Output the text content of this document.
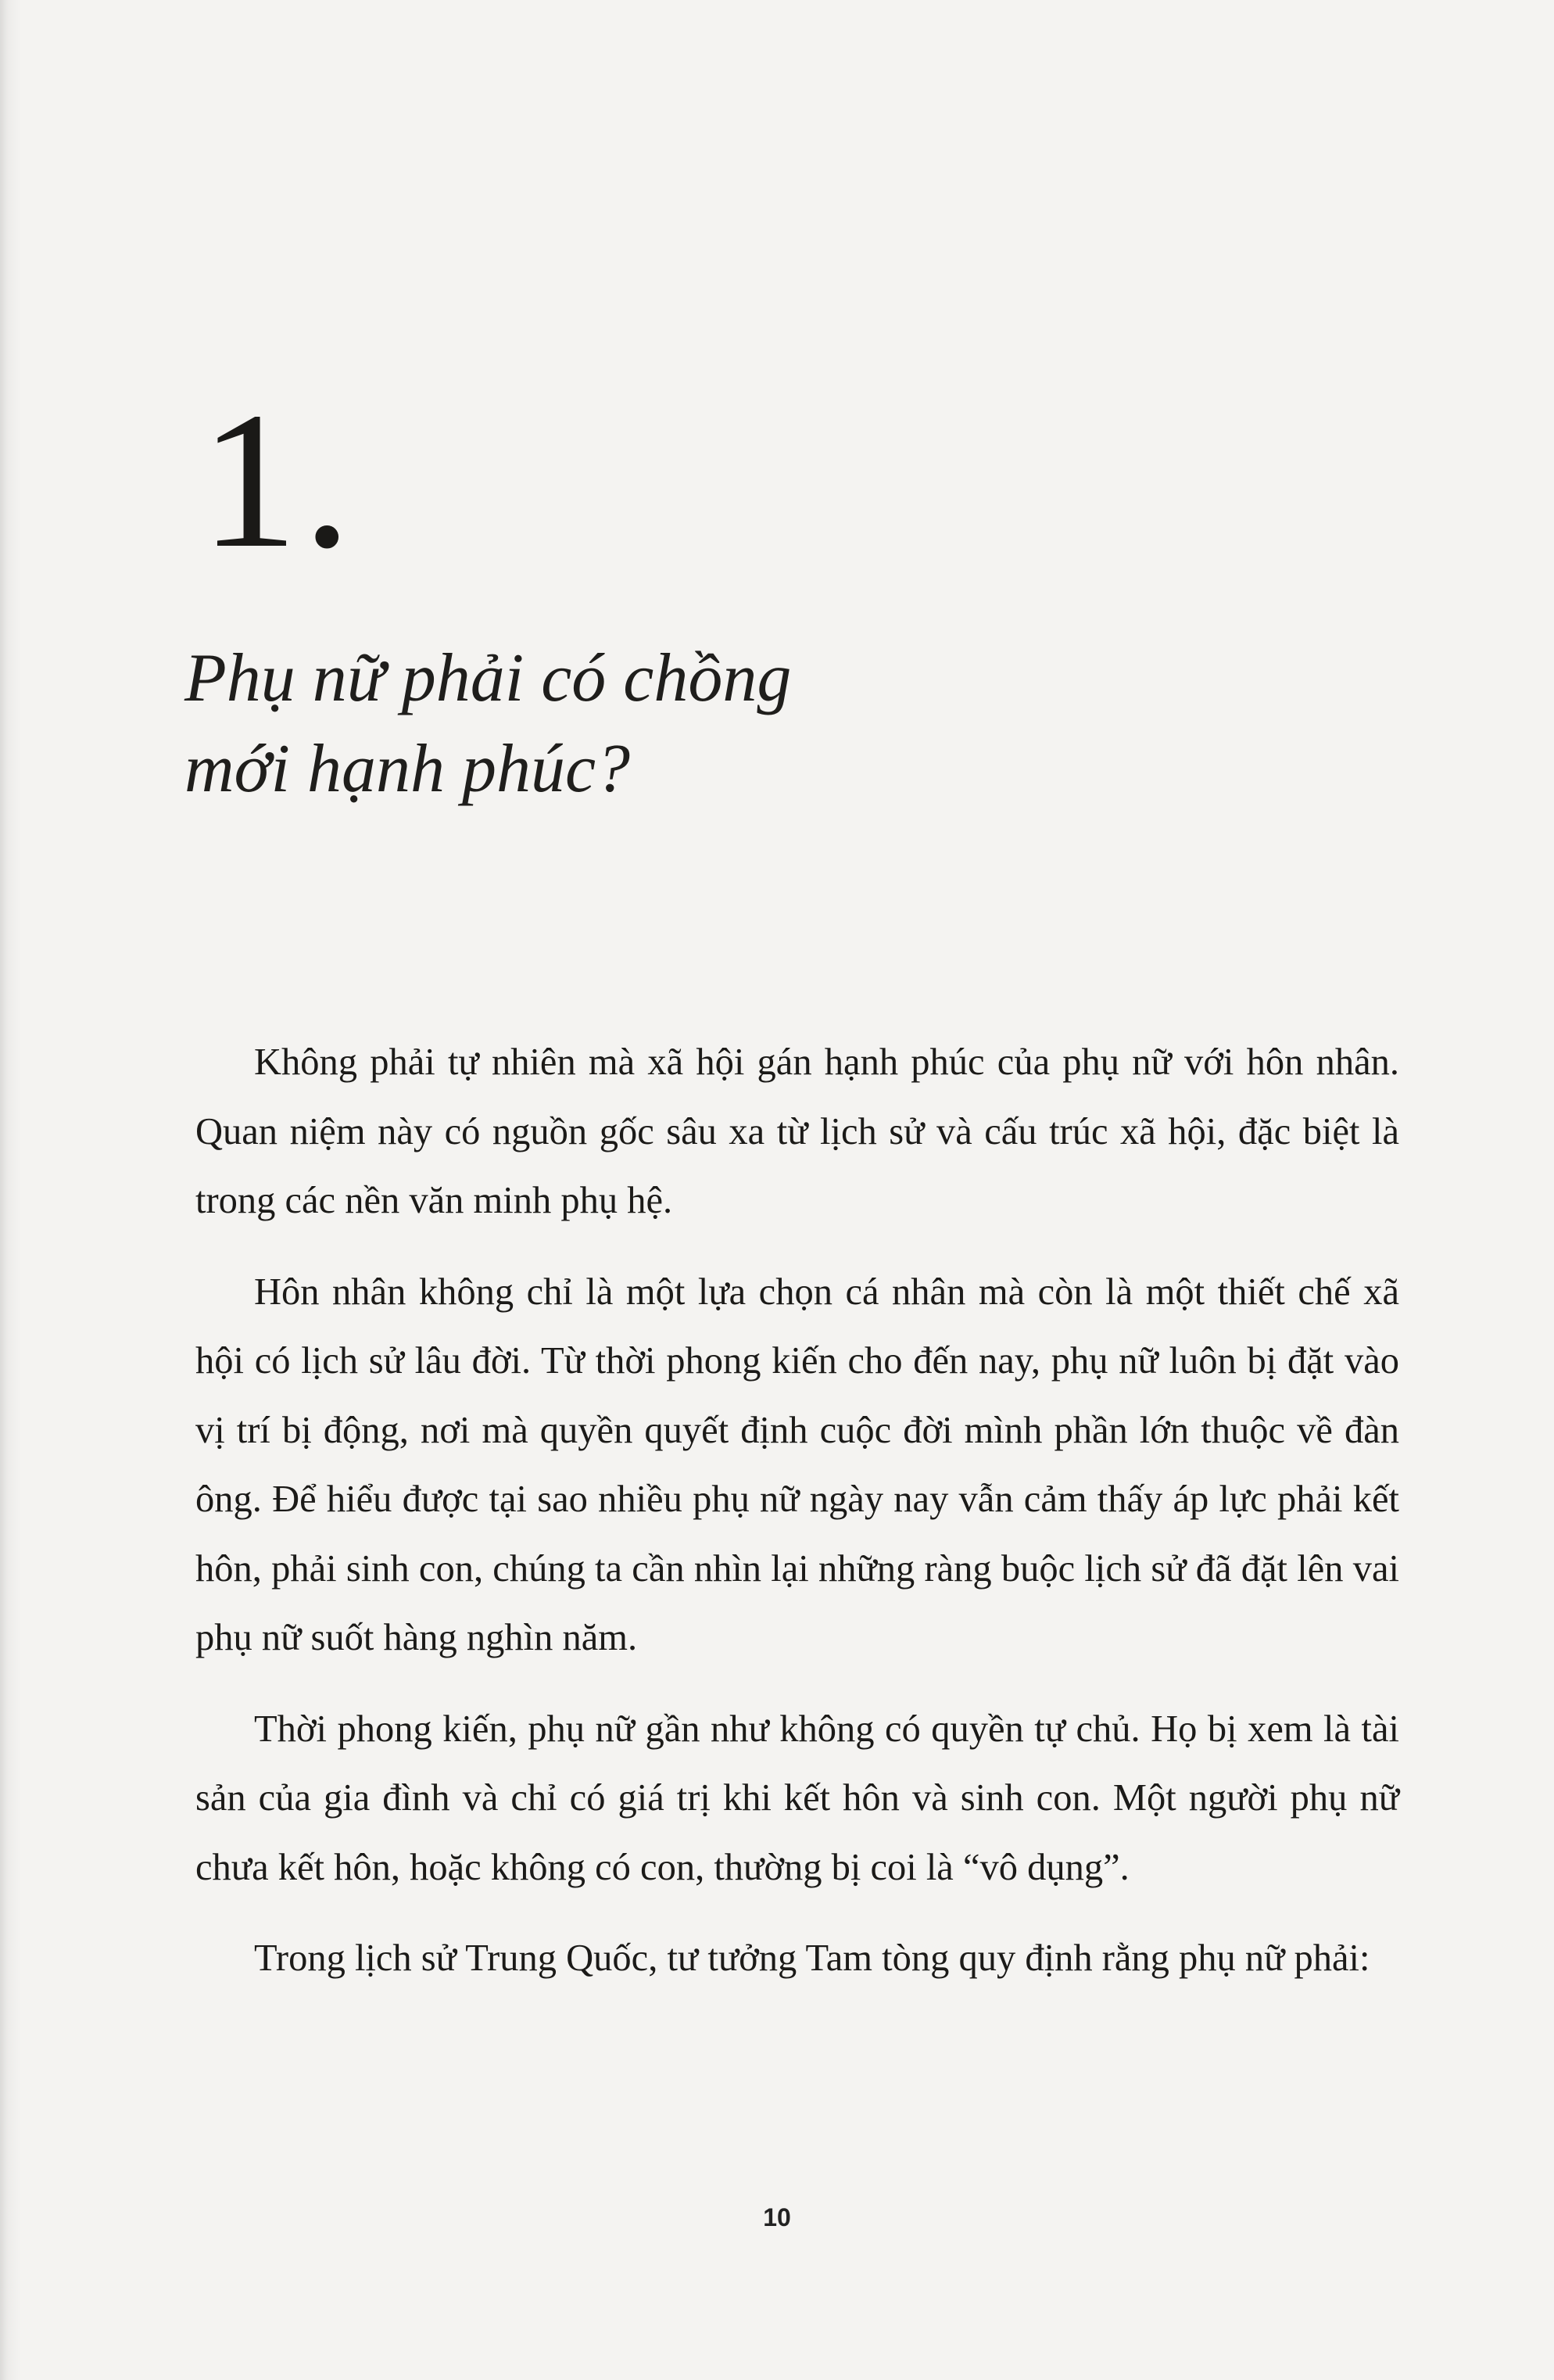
1.
Phụ nữ phải có chồng
mới hạnh phúc?

Không phải tự nhiên mà xã hội gán hạnh phúc của phụ nữ với hôn nhân. Quan niệm này có nguồn gốc sâu xa từ lịch sử và cấu trúc xã hội, đặc biệt là trong các nền văn minh phụ hệ.

Hôn nhân không chỉ là một lựa chọn cá nhân mà còn là một thiết chế xã hội có lịch sử lâu đời. Từ thời phong kiến cho đến nay, phụ nữ luôn bị đặt vào vị trí bị động, nơi mà quyền quyết định cuộc đời mình phần lớn thuộc về đàn ông. Để hiểu được tại sao nhiều phụ nữ ngày nay vẫn cảm thấy áp lực phải kết hôn, phải sinh con, chúng ta cần nhìn lại những ràng buộc lịch sử đã đặt lên vai phụ nữ suốt hàng nghìn năm.

Thời phong kiến, phụ nữ gần như không có quyền tự chủ. Họ bị xem là tài sản của gia đình và chỉ có giá trị khi kết hôn và sinh con. Một người phụ nữ chưa kết hôn, hoặc không có con, thường bị coi là “vô dụng”.

Trong lịch sử Trung Quốc, tư tưởng Tam tòng quy định rằng phụ nữ phải:

10
